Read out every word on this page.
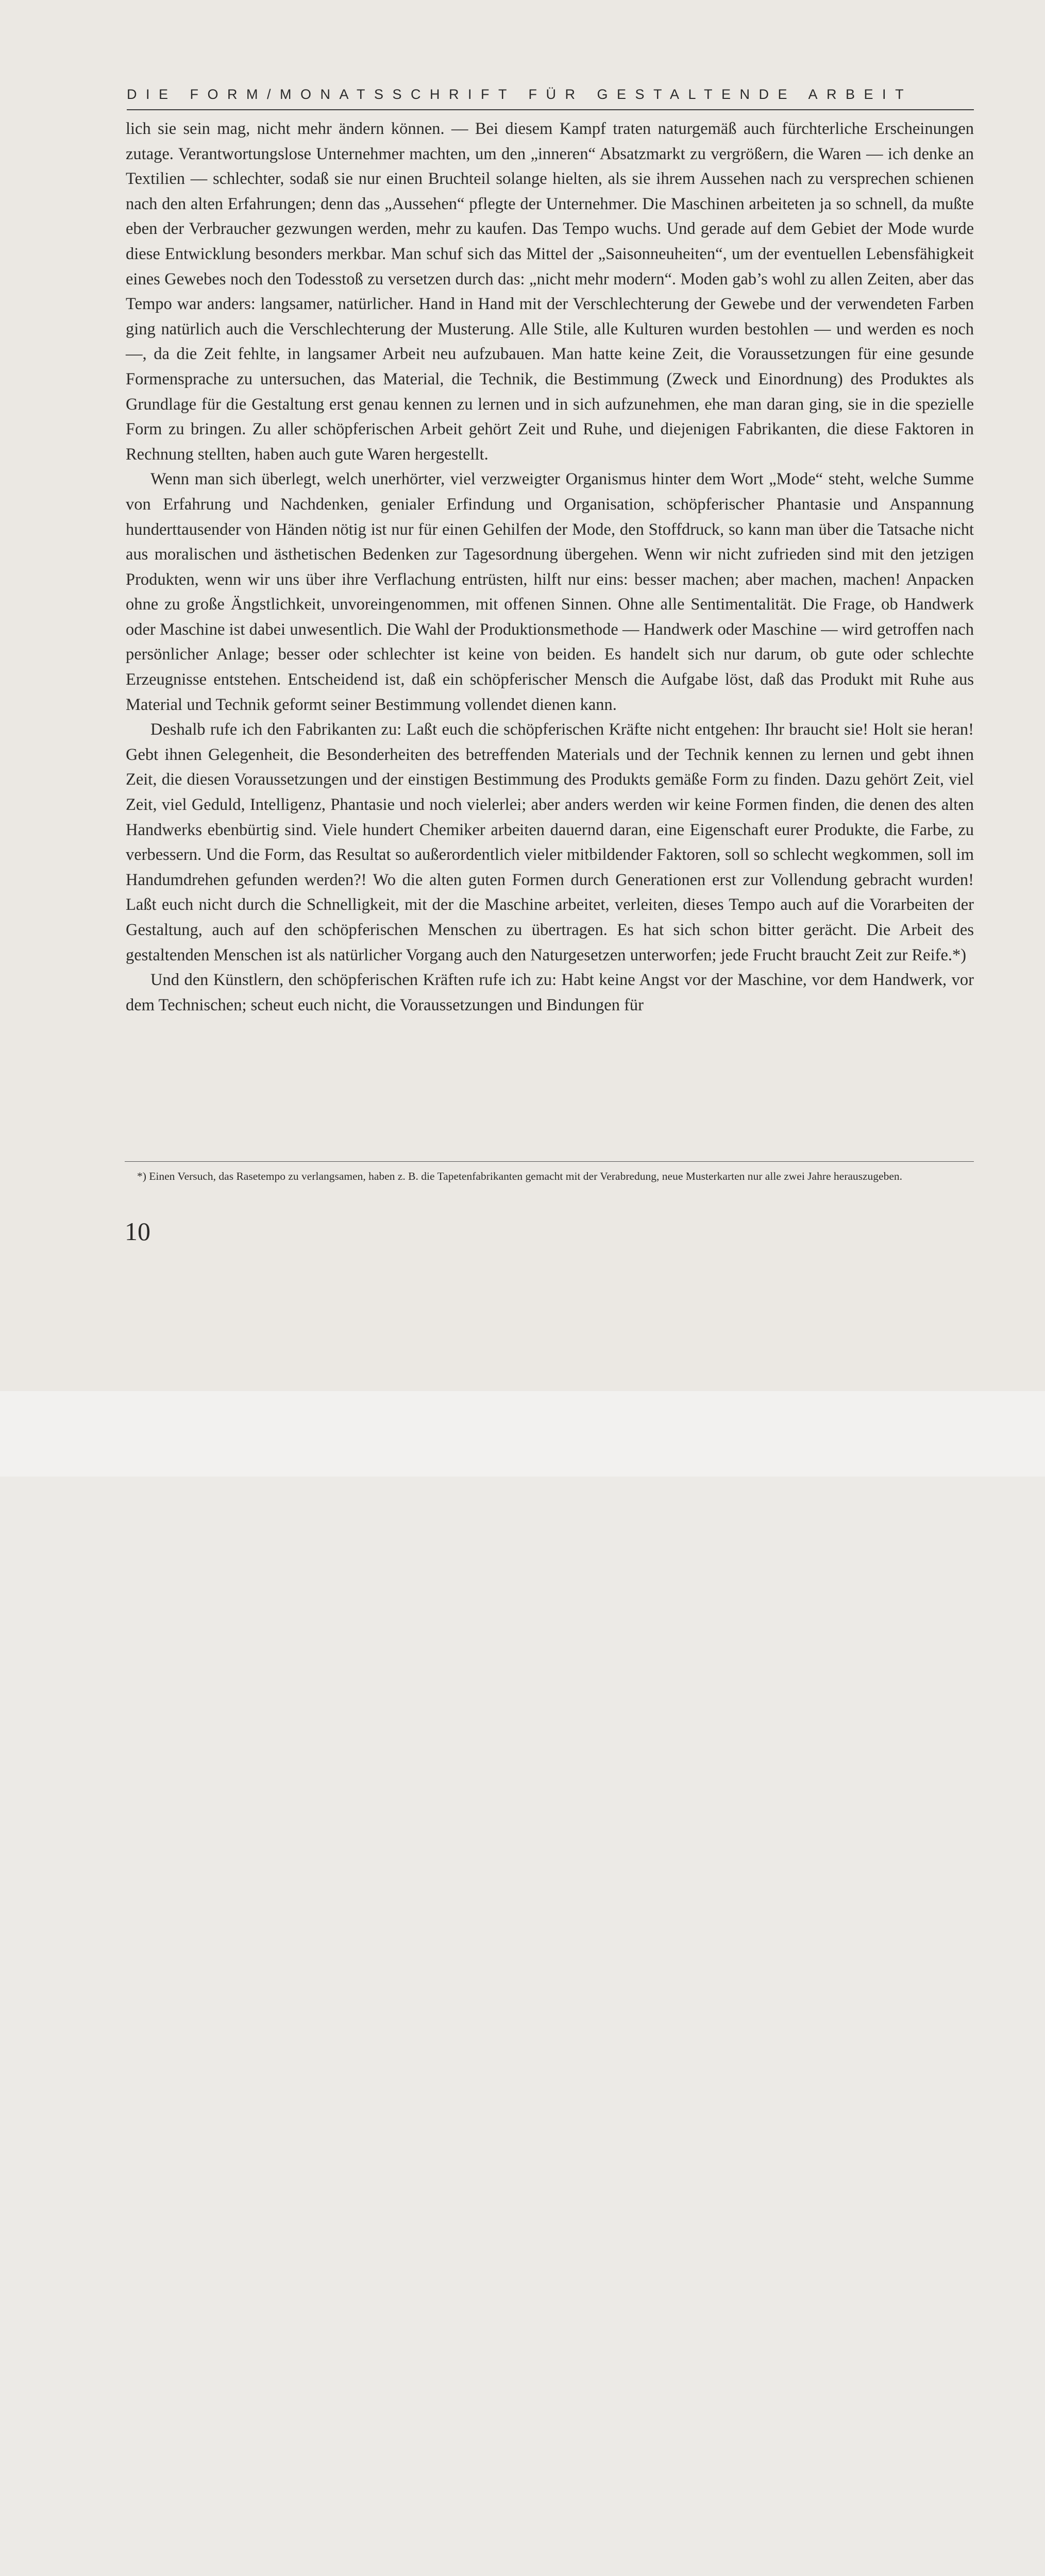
DIE FORM/MONATSSCHRIFT FÜR GESTALTENDE ARBEIT

lich sie sein mag, nicht mehr ändern können. — Bei diesem Kampf traten naturgemäß auch fürchterliche Erscheinungen zutage. Verantwortungslose Unternehmer machten, um den „inneren“ Absatzmarkt zu vergrößern, die Waren — ich denke an Textilien — schlechter, sodaß sie nur einen Bruchteil solange hielten, als sie ihrem Aussehen nach zu versprechen schienen nach den alten Erfahrungen; denn das „Aussehen“ pflegte der Unternehmer. Die Maschinen arbeiteten ja so schnell, da mußte eben der Verbraucher gezwungen werden, mehr zu kaufen. Das Tempo wuchs. Und gerade auf dem Gebiet der Mode wurde diese Entwicklung besonders merkbar. Man schuf sich das Mittel der „Saisonneuheiten“, um der eventuellen Lebensfähigkeit eines Gewebes noch den Todesstoß zu versetzen durch das: „nicht mehr modern“. Moden gab’s wohl zu allen Zeiten, aber das Tempo war anders: langsamer, natürlicher. Hand in Hand mit der Verschlechterung der Gewebe und der verwendeten Farben ging natürlich auch die Verschlechterung der Musterung. Alle Stile, alle Kulturen wurden bestohlen — und werden es noch —, da die Zeit fehlte, in langsamer Arbeit neu aufzubauen. Man hatte keine Zeit, die Voraussetzungen für eine gesunde Formensprache zu untersuchen, das Material, die Technik, die Bestimmung (Zweck und Einordnung) des Produktes als Grundlage für die Gestaltung erst genau kennen zu lernen und in sich aufzunehmen, ehe man daran ging, sie in die spezielle Form zu bringen. Zu aller schöpferischen Arbeit gehört Zeit und Ruhe, und diejenigen Fabrikanten, die diese Faktoren in Rechnung stellten, haben auch gute Waren hergestellt.

Wenn man sich überlegt, welch unerhörter, viel verzweigter Organismus hinter dem Wort „Mode“ steht, welche Summe von Erfahrung und Nachdenken, genialer Erfindung und Organisation, schöpferischer Phantasie und Anspannung hunderttausender von Händen nötig ist nur für einen Gehilfen der Mode, den Stoffdruck, so kann man über die Tatsache nicht aus moralischen und ästhetischen Bedenken zur Tagesordnung übergehen. Wenn wir nicht zufrieden sind mit den jetzigen Produkten, wenn wir uns über ihre Verflachung entrüsten, hilft nur eins: besser machen; aber machen, machen! Anpacken ohne zu große Ängstlichkeit, unvoreingenommen, mit offenen Sinnen. Ohne alle Sentimentalität. Die Frage, ob Handwerk oder Maschine ist dabei unwesentlich. Die Wahl der Produktionsmethode — Handwerk oder Maschine — wird getroffen nach persönlicher Anlage; besser oder schlechter ist keine von beiden. Es handelt sich nur darum, ob gute oder schlechte Erzeugnisse entstehen. Entscheidend ist, daß ein schöpferischer Mensch die Aufgabe löst, daß das Produkt mit Ruhe aus Material und Technik geformt seiner Bestimmung vollendet dienen kann.

Deshalb rufe ich den Fabrikanten zu: Laßt euch die schöpferischen Kräfte nicht entgehen: Ihr braucht sie! Holt sie heran! Gebt ihnen Gelegenheit, die Besonderheiten des betreffenden Materials und der Technik kennen zu lernen und gebt ihnen Zeit, die diesen Voraussetzungen und der einstigen Bestimmung des Produkts gemäße Form zu finden. Dazu gehört Zeit, viel Zeit, viel Geduld, Intelligenz, Phantasie und noch vielerlei; aber anders werden wir keine Formen finden, die denen des alten Handwerks ebenbürtig sind. Viele hundert Chemiker arbeiten dauernd daran, eine Eigenschaft eurer Produkte, die Farbe, zu verbessern. Und die Form, das Resultat so außerordentlich vieler mitbildender Faktoren, soll so schlecht wegkommen, soll im Handumdrehen gefunden werden?! Wo die alten guten Formen durch Generationen erst zur Vollendung gebracht wurden! Laßt euch nicht durch die Schnelligkeit, mit der die Maschine arbeitet, verleiten, dieses Tempo auch auf die Vorarbeiten der Gestaltung, auch auf den schöpferischen Menschen zu übertragen. Es hat sich schon bitter gerächt. Die Arbeit des gestaltenden Menschen ist als natürlicher Vorgang auch den Naturgesetzen unterworfen; jede Frucht braucht Zeit zur Reife.*)

Und den Künstlern, den schöpferischen Kräften rufe ich zu: Habt keine Angst vor der Maschine, vor dem Handwerk, vor dem Technischen; scheut euch nicht, die Voraussetzungen und Bindungen für

*) Einen Versuch, das Rasetempo zu verlangsamen, haben z. B. die Tapetenfabrikanten gemacht mit der Verabredung, neue Musterkarten nur alle zwei Jahre herauszugeben.

10
